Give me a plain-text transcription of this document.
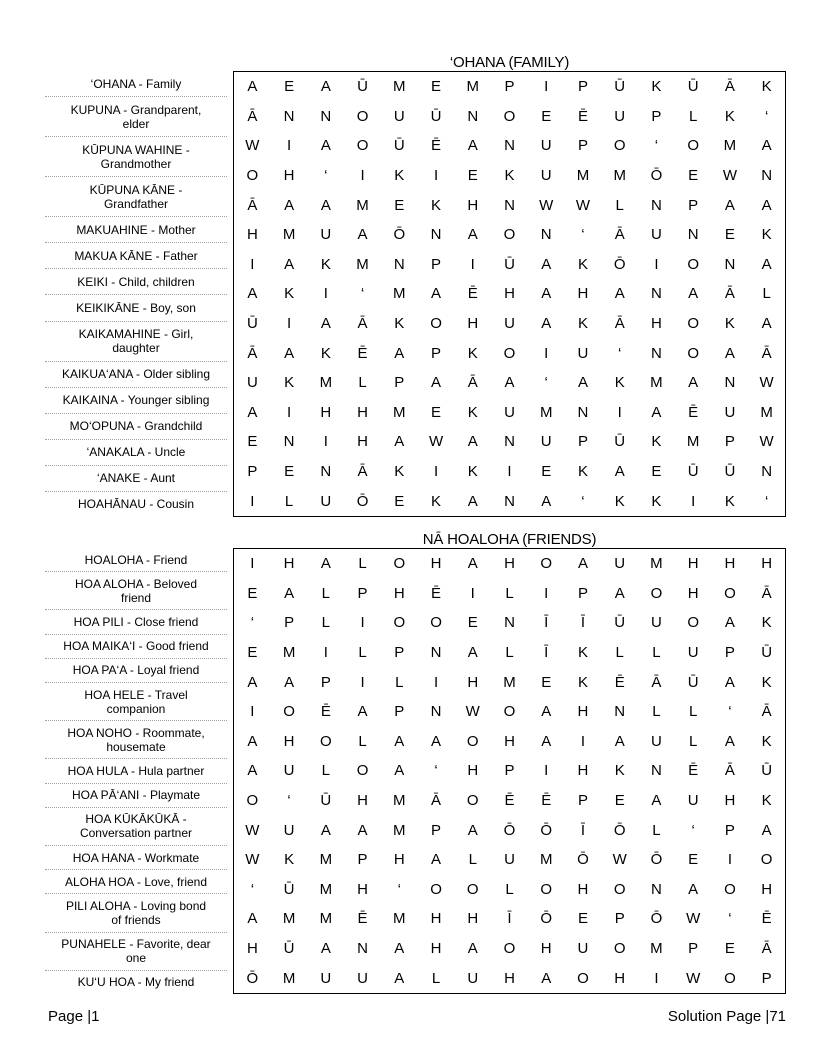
‘OHANA - Family
KUPUNA - Grandparent,
elder
KŪPUNA WAHINE -
Grandmother
KŪPUNA KĀNE -
Grandfather
MAKUAHINE - Mother
MAKUA KĀNE - Father
KEIKI - Child, children
KEIKIKĀNE - Boy, son
KAIKAMAHINE - Girl,
daughter
KAIKUA‘ANA - Older sibling
KAIKAINA - Younger sibling
MO‘OPUNA - Grandchild
‘ANAKALA - Uncle
‘ANAKE - Aunt
HOAHĀNAU - Cousin
‘OHANA (FAMILY)
A	E	A	Ū	M	E	M	P	I	P	Ū	K	Ū	Ā	K
Ā	N	N	O	U	Ū	N	O	E	Ē	U	P	L	K	‘
W	I	A	O	Ū	Ē	A	N	U	P	O	‘	O	M	A
O	H	‘	I	K	I	E	K	U	M	M	Ō	E	W	N
Ā	A	A	M	E	K	H	N	W	W	L	N	P	A	A
H	M	U	A	Ō	N	A	O	N	‘	Ā	U	N	E	K
I	A	K	M	N	P	I	Ū	A	K	Ō	I	O	N	A
A	K	I	‘	M	A	Ē	H	A	H	A	N	A	Ā	L
Ū	I	A	Ā	K	O	H	U	A	K	Ā	H	O	K	A
Ā	A	K	Ē	A	P	K	O	I	U	‘	N	O	A	Ā
U	K	M	L	P	A	Ā	A	‘	A	K	M	A	N	W
A	I	H	H	M	E	K	U	M	N	I	A	Ē	U	M
E	N	I	H	A	W	A	N	U	P	Ū	K	M	P	W
P	E	N	Ā	K	I	K	I	E	K	A	E	Ū	Ū	N
I	L	U	Ō	E	K	A	N	A	‘	K	K	I	K	‘
HOALOHA - Friend
HOA ALOHA - Beloved
friend
HOA PILI - Close friend
HOA MAIKA‘I - Good friend
HOA PA‘A - Loyal friend
HOA HELE - Travel
companion
HOA NOHO - Roommate,
housemate
HOA HULA - Hula partner
HOA PĀ‘ANI - Playmate
HOA KŪKĀKŪKĀ -
Conversation partner
HOA HANA - Workmate
ALOHA HOA - Love, friend
PILI ALOHA - Loving bond
of friends
PUNAHELE - Favorite, dear
one
KU‘U HOA - My friend
NĀ HOALOHA (FRIENDS)
I	H	A	L	O	H	A	H	O	A	U	M	H	H	H
E	A	L	P	H	Ē	I	L	I	P	A	O	H	O	Ā
‘	P	L	I	O	O	E	N	Ī	Ī	Ū	U	O	A	K
E	M	I	L	P	N	A	L	Ī	K	L	L	U	P	Ū
A	A	P	I	L	I	H	M	E	K	Ē	Ā	Ū	A	K
I	O	Ē	A	P	N	W	O	A	H	N	L	L	‘	Ā
A	H	O	L	A	A	O	H	A	I	A	U	L	A	K
A	U	L	O	A	‘	H	P	I	H	K	N	Ē	Ā	Ū
O	‘	Ū	H	M	Ā	O	Ē	Ē	P	E	A	U	H	K
W	U	A	A	M	P	A	Ō	Ō	Ī	Ō	L	‘	P	A
W	K	M	P	H	A	L	U	M	Ō	W	Ō	E	I	O
‘	Ū	M	H	‘	O	O	L	O	H	O	N	A	O	H
A	M	M	Ē	M	H	H	Ī	Ō	E	P	Ō	W	‘	Ē
H	Ū	A	N	A	H	A	O	H	U	O	M	P	E	Ā
Ō	M	U	U	A	L	U	H	A	O	H	I	W	O	P
Page |1	Solution Page |71
